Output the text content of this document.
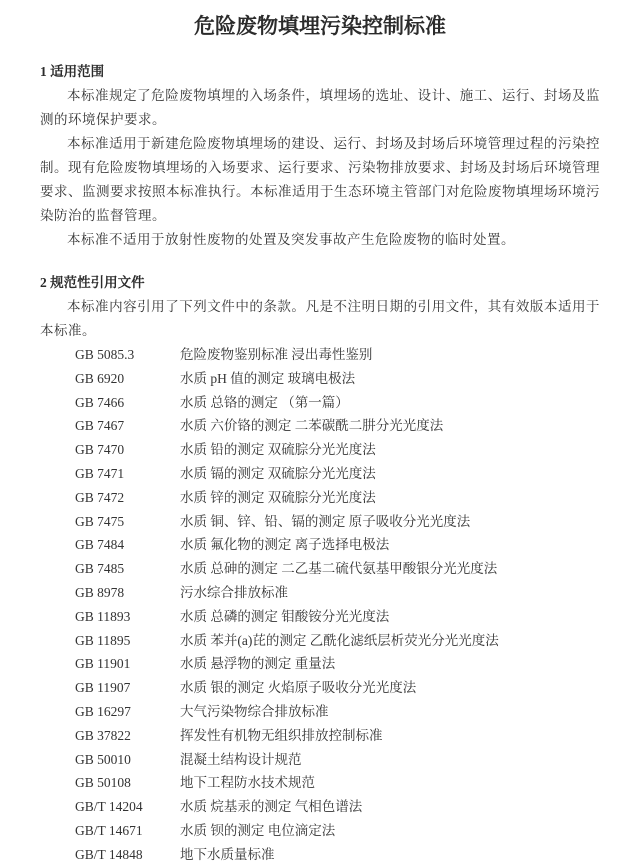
危险废物填埋污染控制标准
1 适用范围

本标准规定了危险废物填埋的入场条件，填埋场的选址、设计、施工、运行、封场及监测的环境保护要求。

本标准适用于新建危险废物填埋场的建设、运行、封场及封场后环境管理过程的污染控制。现有危险废物填埋场的入场要求、运行要求、污染物排放要求、封场及封场后环境管理要求、监测要求按照本标准执行。本标准适用于生态环境主管部门对危险废物填埋场环境污染防治的监督管理。

本标准不适用于放射性废物的处置及突发事故产生危险废物的临时处置。

2 规范性引用文件

本标准内容引用了下列文件中的条款。凡是不注明日期的引用文件，其有效版本适用于本标准。

GB 5085.3	危险废物鉴别标准 浸出毒性鉴别
GB 6920	水质 pH 值的测定 玻璃电极法
GB 7466	水质 总铬的测定 （第一篇）
GB 7467	水质 六价铬的测定 二苯碳酰二肼分光光度法
GB 7470	水质 铅的测定 双硫腙分光光度法
GB 7471	水质 镉的测定 双硫腙分光光度法
GB 7472	水质 锌的测定 双硫腙分光光度法
GB 7475	水质 铜、锌、铅、镉的测定 原子吸收分光光度法
GB 7484	水质 氟化物的测定 离子选择电极法
GB 7485	水质 总砷的测定 二乙基二硫代氨基甲酸银分光光度法
GB 8978	污水综合排放标准
GB 11893	水质 总磷的测定 钼酸铵分光光度法
GB 11895	水质 苯并(a)芘的测定 乙酰化滤纸层析荧光分光光度法
GB 11901	水质 悬浮物的测定 重量法
GB 11907	水质 银的测定 火焰原子吸收分光光度法
GB 16297	大气污染物综合排放标准
GB 37822	挥发性有机物无组织排放控制标准
GB 50010	混凝土结构设计规范
GB 50108	地下工程防水技术规范
GB/T 14204	水质 烷基汞的测定 气相色谱法
GB/T 14671	水质 钡的测定 电位滴定法
GB/T 14848	地下水质量标准
